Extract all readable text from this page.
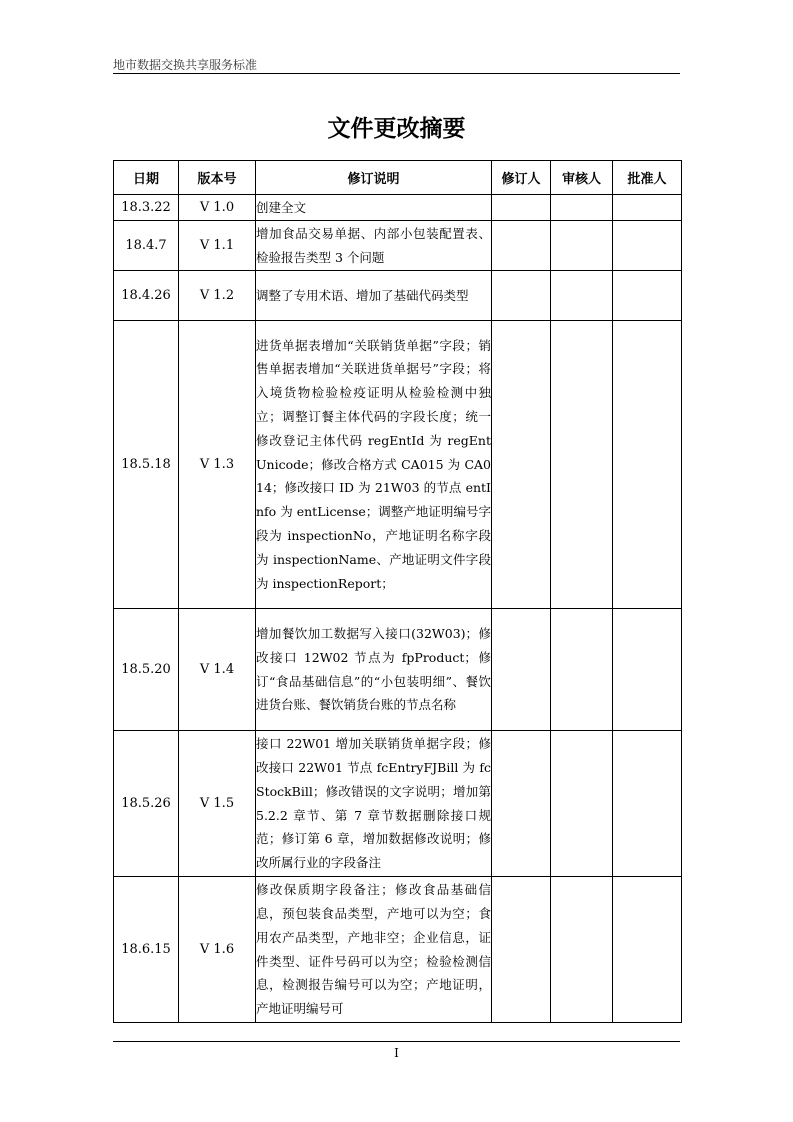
地市数据交换共享服务标准
文件更改摘要
日期	版本号	修订说明	修订人	审核人	批准人
18.3.22	V 1.0	创建全文			
18.4.7	V 1.1	增加食品交易单据、内部小包装配置表、检验报告类型 3 个问题			
18.4.26	V 1.2	调整了专用术语、增加了基础代码类型			
18.5.18	V 1.3	进货单据表增加“关联销货单据”字段；销售单据表增加“关联进货单据号”字段；将入境货物检验检疫证明从检验检测中独立；调整订餐主体代码的字段长度；统一修改登记主体代码 regEntId 为 regEntUnicode；修改合格方式 CA015 为 CA014；修改接口 ID 为 21W03 的节点 entInfo 为 entLicense；调整产地证明编号字段为 inspectionNo，产地证明名称字段为 inspectionName、产地证明文件字段为 inspectionReport；			
18.5.20	V 1.4	增加餐饮加工数据写入接口(32W03)；修改接口 12W02 节点为 fpProduct；修订“食品基础信息”的“小包装明细”、餐饮进货台账、餐饮销货台账的节点名称			
18.5.26	V 1.5	接口 22W01 增加关联销货单据字段；修改接口 22W01 节点 fcEntryFJBill 为 fcStockBill；修改错误的文字说明；增加第 5.2.2 章节、第 7 章节数据删除接口规范；修订第 6 章，增加数据修改说明；修改所属行业的字段备注			
18.6.15	V 1.6	修改保质期字段备注；修改食品基础信息，预包装食品类型，产地可以为空；食用农产品类型，产地非空；企业信息，证件类型、证件号码可以为空；检验检测信息，检测报告编号可以为空；产地证明，产地证明编号可			
I
